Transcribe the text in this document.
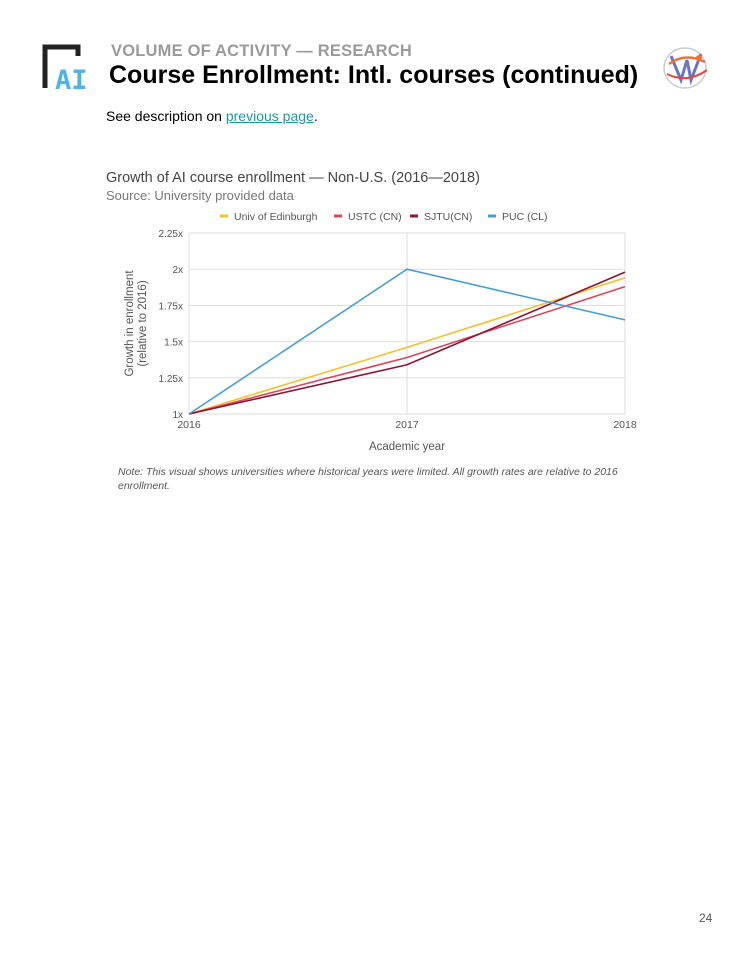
AI
VOLUME OF ACTIVITY — RESEARCH
Course Enrollment: Intl. courses (continued)
See description on previous page.
Growth of AI course enrollment — Non-U.S. (2016—2018)
Source: University provided data
1x
1.25x
1.5x
1.75x
2x
2.25x
2016	2017	2018
Academic year
Growth in enrollment(relative to 2016)
Univ of Edinburgh	USTC (CN) SJTU(CN)	PUC (CL)
Note: This visual shows universities where historical years were limited. All growth rates are relative to 2016 enrollment.
24
